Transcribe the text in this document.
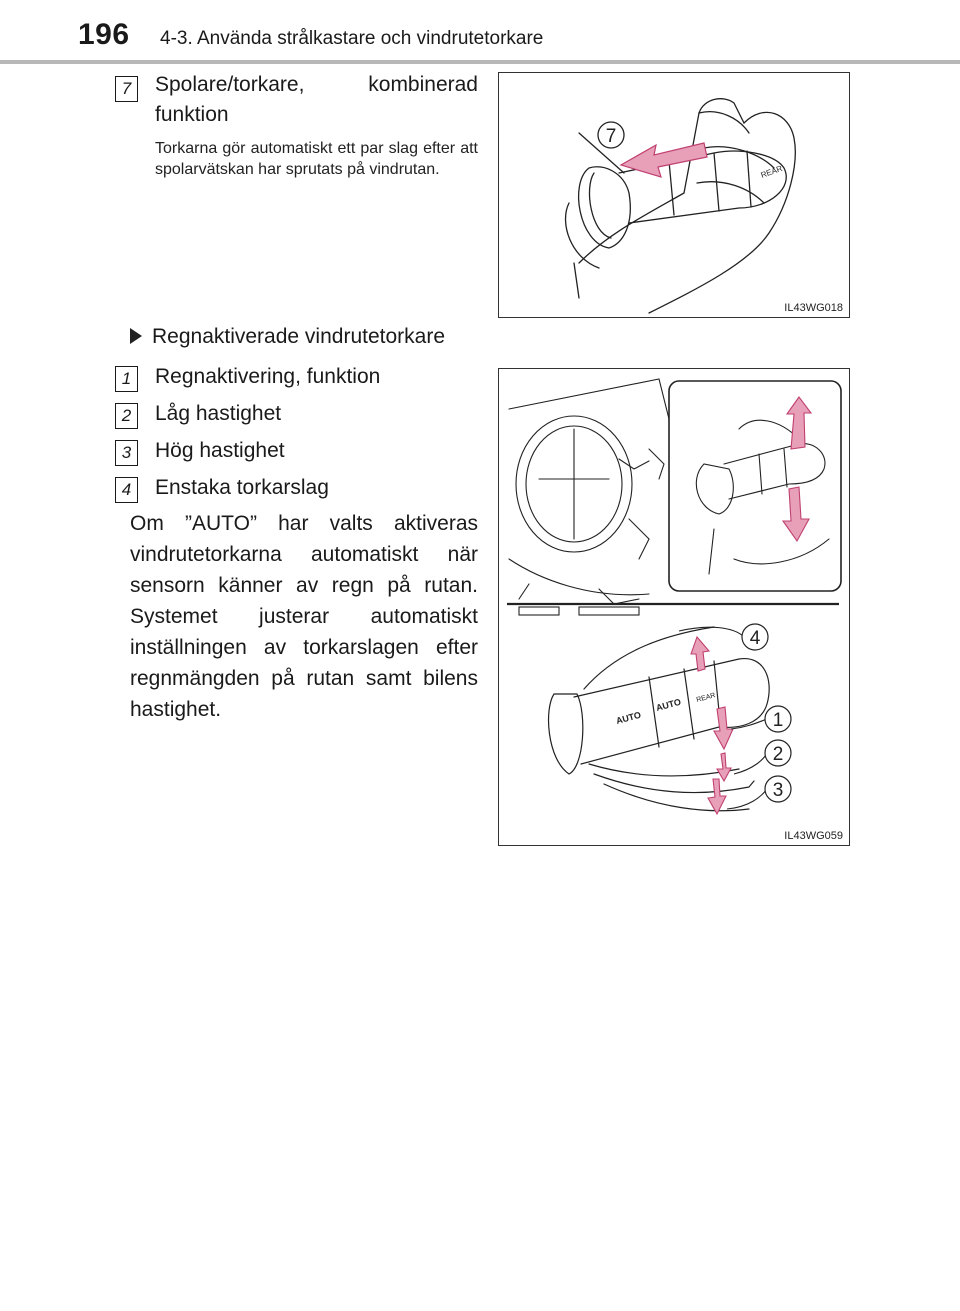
196 4-3. Använda strålkastare och vindrutetorkare
7	Spolare/torkare, kombinerad funktion
Torkarna gör automatiskt ett par slag efter att spolarvätskan har sprutats på vindrutan.	REAR
7
IL43WG018
Regnaktiverade vindrutetorkare
1	Regnaktivering, funktion
2	Låg hastighet
3	Hög hastighet
4	Enstaka torkarslag
Om ”AUTO” har valts aktiveras vindrutetorkarna automatiskt när sensorn känner av regn på rutan. Systemet justerar automatiskt inställningen av torkarslagen efter regnmängden på rutan samt bilens hastighet.	AUTO
AUTO REAR
4
1
2
3
IL43WG059
